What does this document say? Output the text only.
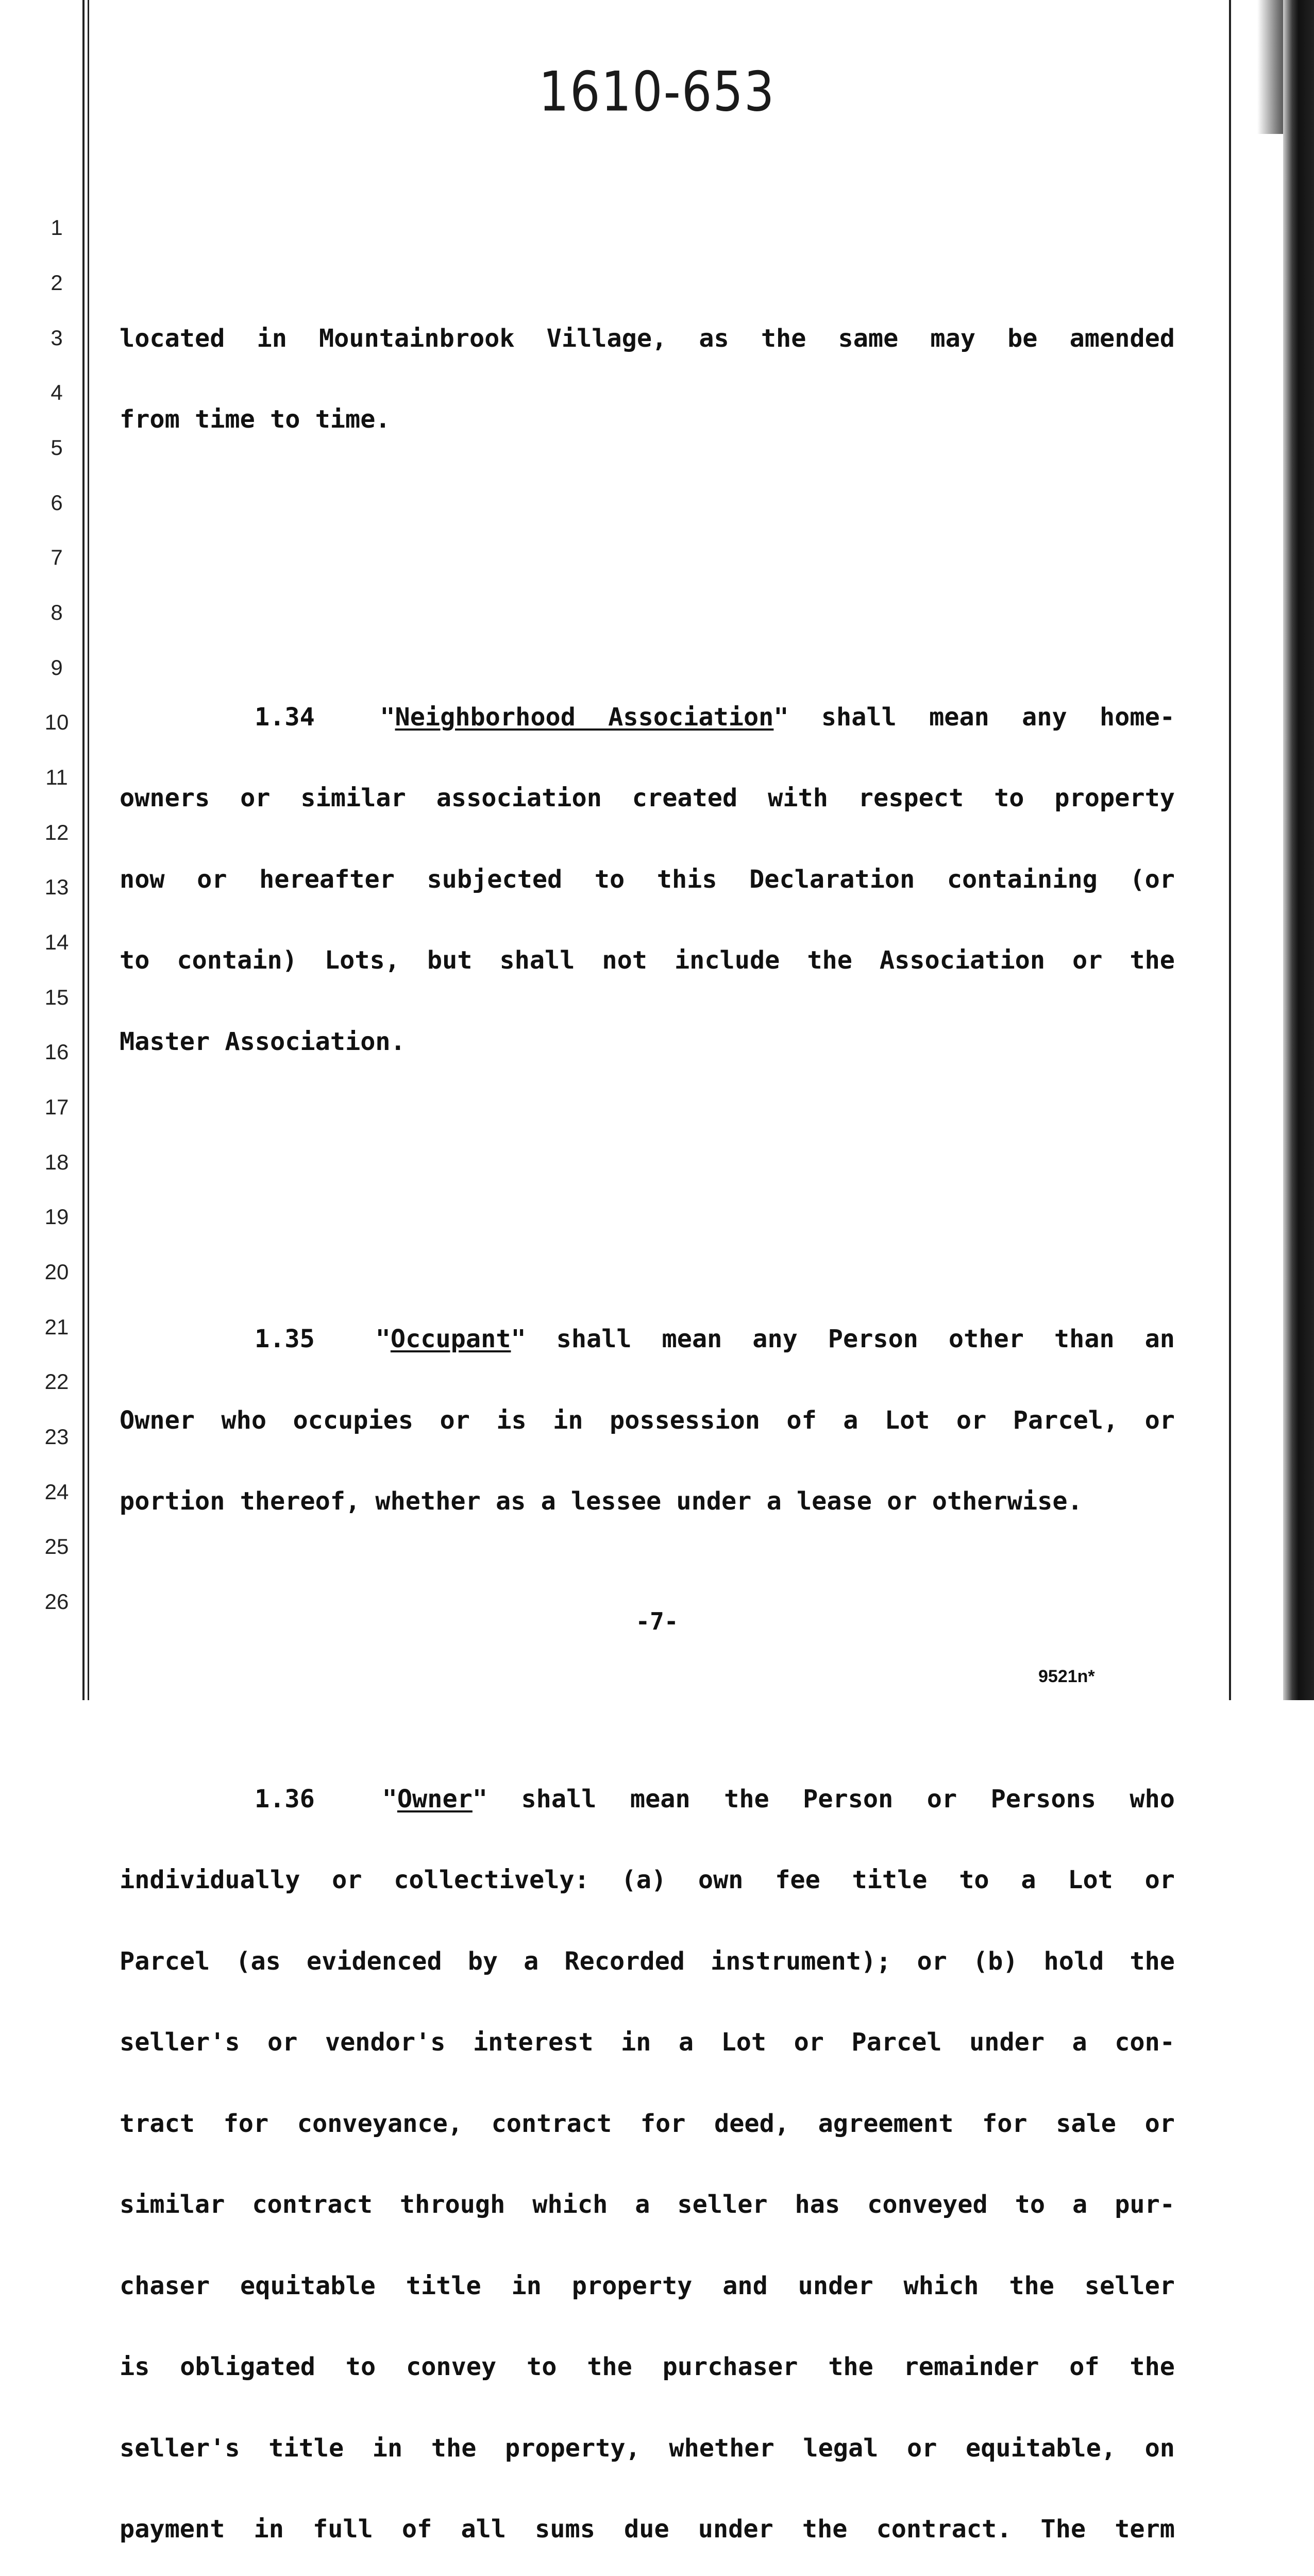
1610-653
1
2
3
4
5
6
7
8
9
10
11
12
13
14
15
16
17
18
19
20
21
22
23
24
25
26

located in Mountainbrook Village, as the same may be amended

from time to time.

1.34  "Neighborhood Association" shall mean any home-

owners or similar association created with respect to property

now or hereafter subjected to this Declaration containing (or

to contain) Lots, but shall not include the Association or the

Master Association.

1.35  "Occupant" shall mean any Person other than an

Owner who occupies or is in possession of a Lot or Parcel, or

portion thereof, whether as a lessee under a lease or otherwise.

1.36  "Owner" shall mean the Person or Persons who

individually or collectively: (a) own fee title to a Lot or

Parcel (as evidenced by a Recorded instrument); or (b) hold the

seller's or vendor's interest in a Lot or Parcel under a con-

tract for conveyance, contract for deed, agreement for sale or

similar contract through which a seller has conveyed to a pur-

chaser equitable title in property and under which the seller

is obligated to convey to the purchaser the remainder of the

seller's title in the property, whether legal or equitable, on

payment in full of all sums due under the contract. The term

-7-
9521n*
